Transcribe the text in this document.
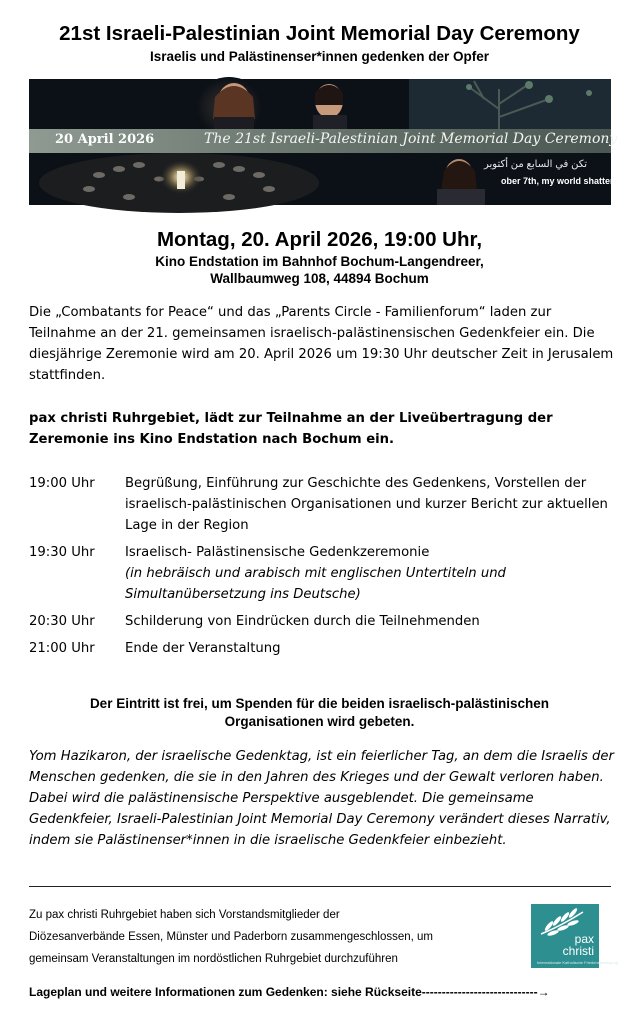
21st Israeli-Palestinian Joint Memorial Day Ceremony
Israelis und Palästinenser*innen gedenken der Opfer
20 April 2026	The 21st Israeli-Palestinian Joint Memorial Day Ceremony
تكن في السابع من أكتوبر
ober 7th, my world shattered.
Montag, 20. April 2026, 19:00 Uhr,
Kino Endstation im Bahnhof Bochum-Langendreer,
Wallbaumweg 108, 44894 Bochum

Die „Combatants for Peace“ und das „Parents Circle - Familienforum“ laden zur Teilnahme an der 21. gemeinsamen israelisch-palästinensischen Gedenkfeier ein. Die diesjährige Zeremonie wird am 20. April 2026 um 19:30 Uhr deutscher Zeit in Jerusalem stattfinden.

pax christi Ruhrgebiet, lädt zur Teilnahme an der Liveübertragung der Zeremonie ins Kino Endstation nach Bochum ein.

19:00 Uhr	Begrüßung, Einführung zur Geschichte des Gedenkens, Vorstellen der israelisch-palästinischen Organisationen und kurzer Bericht zur aktuellen Lage in der Region
19:30 Uhr	Israelisch- Palästinensische Gedenkzeremonie
(in hebräisch und arabisch mit englischen Untertiteln und Simultanübersetzung ins Deutsche)
20:30 Uhr	Schilderung von Eindrücken durch die Teilnehmenden
21:00 Uhr	Ende der Veranstaltung
Der Eintritt ist frei, um Spenden für die beiden israelisch-palästinischen
Organisationen wird gebeten.

Yom Hazikaron, der israelische Gedenktag, ist ein feierlicher Tag, an dem die Israelis der Menschen gedenken, die sie in den Jahren des Krieges und der Gewalt verloren haben. Dabei wird die palästinensische Perspektive ausgeblendet. Die gemeinsame Gedenkfeier, Israeli-Palestinian Joint Memorial Day Ceremony verändert dieses Narrativ, indem sie Palästinenser*innen in die israelische Gedenkfeier einbezieht.

Zu pax christi Ruhrgebiet haben sich Vorstandsmitglieder der
Diözesanverbände Essen, Münster und Paderborn zusammengeschlossen, um
gemeinsam Veranstaltungen im nordöstlichen Ruhrgebiet durchzuführen
pax
christi
Internationale Katholische Friedensbewegung
Lageplan und weitere Informationen zum Gedenken: siehe Rückseite-----------------------------→
